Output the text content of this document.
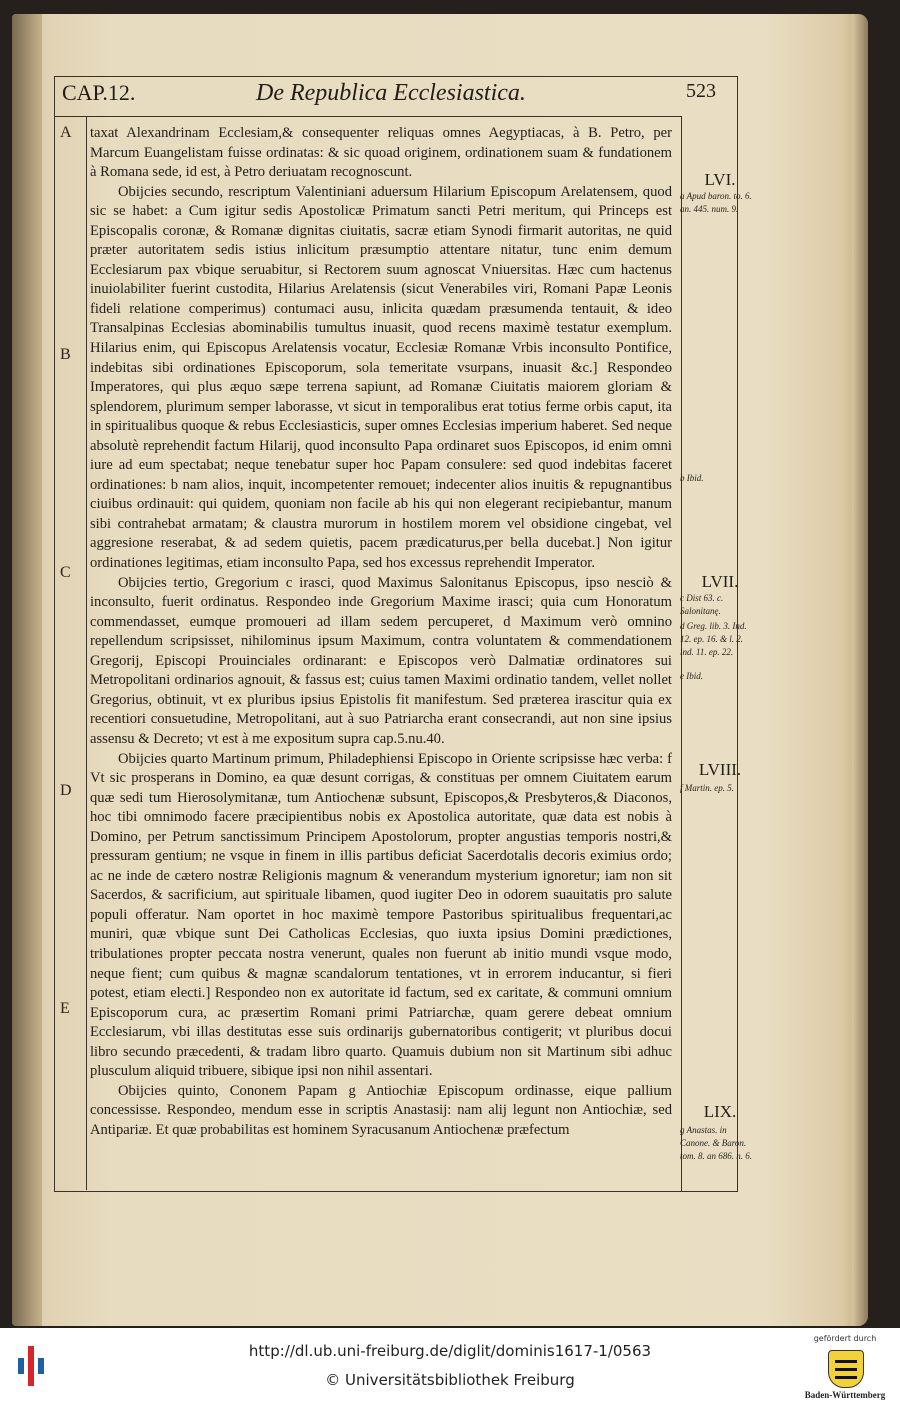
CAP.12.	De Republica Ecclesiastica.	523
A
B
C
D
E

taxat Alexandrinam Ecclesiam,& consequenter reliquas omnes Aegyptiacas, à B. Petro, per Marcum Euangelistam fuisse ordinatas: & sic quoad originem, ordinationem suam & fundationem à Romana sede, id est, à Petro deriuatam recognoscunt.

Obijcies secundo, rescriptum Valentiniani aduersum Hilarium Episcopum Arelatensem, quod sic se habet: a Cum igitur sedis Apostolicæ Primatum sancti Petri meritum, qui Princeps est Episcopalis coronæ, & Romanæ dignitas ciuitatis, sacræ etiam Synodi firmarit autoritas, ne quid præter autoritatem sedis istius inlicitum præsumptio attentare nitatur, tunc enim demum Ecclesiarum pax vbique seruabitur, si Rectorem suum agnoscat Vniuersitas. Hæc cum hactenus inuiolabiliter fuerint custodita, Hilarius Arelatensis (sicut Venerabiles viri, Romani Papæ Leonis fideli relatione comperimus) contumaci ausu, inlicita quædam præsumenda tentauit, & ideo Transalpinas Ecclesias abominabilis tumultus inuasit, quod recens maximè testatur exemplum. Hilarius enim, qui Episcopus Arelatensis vocatur, Ecclesiæ Romanæ Vrbis inconsulto Pontifice, indebitas sibi ordinationes Episcoporum, sola temeritate vsurpans, inuasit &c.] Respondeo Imperatores, qui plus æquo sæpe terrena sapiunt, ad Romanæ Ciuitatis maiorem gloriam & splendorem, plurimum semper laborasse, vt sicut in temporalibus erat totius ferme orbis caput, ita in spiritualibus quoque & rebus Ecclesiasticis, super omnes Ecclesias imperium haberet. Sed neque absolutè reprehendit factum Hilarij, quod inconsulto Papa ordinaret suos Episcopos, id enim omni iure ad eum spectabat; neque tenebatur super hoc Papam consulere: sed quod indebitas faceret ordinationes: b nam alios, inquit, incompetenter remouet; indecenter alios inuitis & repugnantibus ciuibus ordinauit: qui quidem, quoniam non facile ab his qui non elegerant recipiebantur, manum sibi contrahebat armatam; & claustra murorum in hostilem morem vel obsidione cingebat, vel aggresione reserabat, & ad sedem quietis, pacem prædicaturus,per bella ducebat.] Non igitur ordinationes legitimas, etiam inconsulto Papa, sed hos excessus reprehendit Imperator.

Obijcies tertio, Gregorium c irasci, quod Maximus Salonitanus Episcopus, ipso nesciò & inconsulto, fuerit ordinatus. Respondeo inde Gregorium Maxime irasci; quia cum Honoratum commendasset, eumque promoueri ad illam sedem percuperet, d Maximum verò omnino repellendum scripsisset, nihilominus ipsum Maximum, contra voluntatem & commendationem Gregorij, Episcopi Prouinciales ordinarant: e Episcopos verò Dalmatiæ ordinatores sui Metropolitani ordinarios agnouit, & fassus est; cuius tamen Maximi ordinatio tandem, vellet nollet Gregorius, obtinuit, vt ex pluribus ipsius Epistolis fit manifestum. Sed præterea irascitur quia ex recentiori consuetudine, Metropolitani, aut à suo Patriarcha erant consecrandi, aut non sine ipsius assensu & Decreto; vt est à me expositum supra cap.5.nu.40.

Obijcies quarto Martinum primum, Philadephiensi Episcopo in Oriente scripsisse hæc verba: f Vt sic prosperans in Domino, ea quæ desunt corrigas, & constituas per omnem Ciuitatem earum quæ sedi tum Hierosolymitanæ, tum Antiochenæ subsunt, Episcopos,& Presbyteros,& Diaconos, hoc tibi omnimodo facere præcipientibus nobis ex Apostolica autoritate, quæ data est nobis à Domino, per Petrum sanctissimum Principem Apostolorum, propter angustias temporis nostri,& pressuram gentium; ne vsque in finem in illis partibus deficiat Sacerdotalis decoris eximius ordo; ac ne inde de cætero nostræ Religionis magnum & venerandum mysterium ignoretur; iam non sit Sacerdos, & sacrificium, aut spirituale libamen, quod iugiter Deo in odorem suauitatis pro salute populi offeratur. Nam oportet in hoc maximè tempore Pastoribus spiritualibus frequentari,ac muniri, quæ vbique sunt Dei Catholicas Ecclesias, quo iuxta ipsius Domini prædictiones, tribulationes propter peccata nostra venerunt, quales non fuerunt ab initio mundi vsque modo, neque fient; cum quibus & magnæ scandalorum tentationes, vt in errorem inducantur, si fieri potest, etiam electi.] Respondeo non ex autoritate id factum, sed ex caritate, & communi omnium Episcoporum cura, ac præsertim Romani primi Patriarchæ, quam gerere debeat omnium Ecclesiarum, vbi illas destitutas esse suis ordinarijs gubernatoribus contigerit; vt pluribus docui libro secundo præcedenti, & tradam libro quarto. Quamuis dubium non sit Martinum sibi adhuc plusculum aliquid tribuere, sibique ipsi non nihil assentari.

Obijcies quinto, Cononem Papam g Antiochiæ Episcopum ordinasse, eique pallium concessisse. Respondeo, mendum esse in scriptis Anastasij: nam alij legunt non Antiochiæ, sed Antipariæ. Et quæ probabilitas est hominem Syracusanum Antiochenæ præfectum

LVI.
a Apud baron. to. 6. an. 445. num. 9.
b Ibid.
LVII.
c Dist 63. c. Salonitanę.
d Greg. lib. 3. Ind. 12. ep. 16. & l. 2. ind. 11. ep. 22.
e Ibid.
LVIII.
f Martin. ep. 5.
LIX.
g Anastas. in Canone. & Baron. tom. 8. an 686. n. 6.
http://dl.ub.uni-freiburg.de/diglit/dominis1617-1/0563
© Universitätsbibliothek Freiburg
gefördert durch
Baden-Württemberg
